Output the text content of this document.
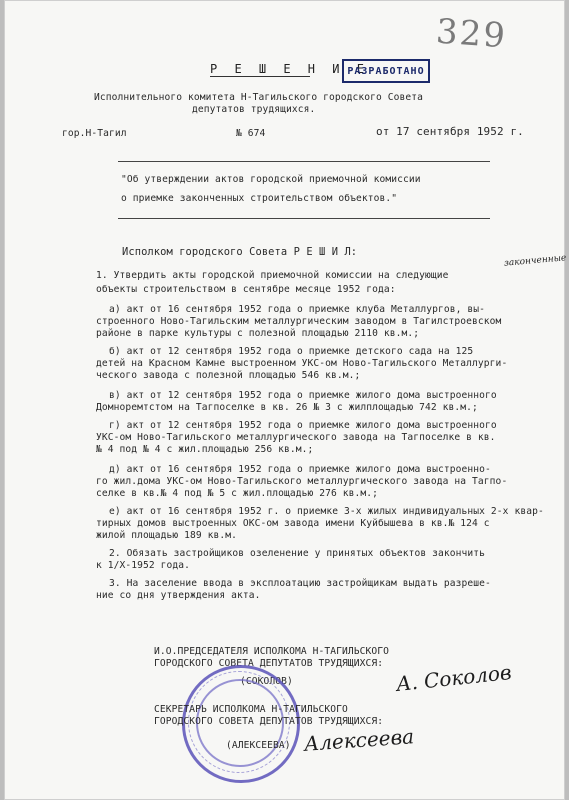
329
Р Е Ш Е Н И Е
РАЗРАБОТАНО
Исполнительного комитета Н-Тагильского городского Совета
депутатов трудящихся.
гор.Н-Тагил	№ 674	от 17 сентября 1952 г.
"Об утверждении актов городской приемочной комиссии
о приемке законченных строительством объектов."
Исполком городского Совета Р Е Ш И Л:
законченные
1. Утвердить акты городской приемочной комиссии на следующие
объекты строительством в сентябре месяце 1952 года:
а) акт от 16 сентября 1952 года о приемке клуба Металлургов, вы-
строенного Ново-Тагильским металлургическим заводом в Тагилстроевском
районе в парке культуры с полезной площадью 2110 кв.м.;
б) акт от 12 сентября 1952 года о приемке детского сада на 125
детей на Красном Камне выстроенном УКС-ом Ново-Тагильского Металлурги-
ческого завода с полезной площадью 546 кв.м.;
в) акт от 12 сентября 1952 года о приемке жилого дома выстроенного
Домноремтстом на Тагпоселке в кв. 26 № 3 с жилплощадью 742 кв.м.;
г) акт от 12 сентября 1952 года о приемке жилого дома выстроенного
УКС-ом Ново-Тагильского металлургического завода на Тагпоселке в кв.
№ 4 под № 4 с жил.площадью 256 кв.м.;
д) акт от 16 сентября 1952 года о приемке жилого дома выстроенно-
го жил.дома УКС-ом Ново-Тагильского металлургического завода на Тагпо-
селке в кв.№ 4 под № 5 с жил.площадью 276 кв.м.;
е) акт от 16 сентября 1952 г. о приемке 3-х жилых индивидуальных 2-х квар-
тирных домов выстроенных ОКС-ом завода имени Куйбышева в кв.№ 124 с
жилой площадью 189 кв.м.
2. Обязать застройщиков озеленение у принятых объектов закончить
к 1/X-1952 года.
3. На заселение ввода в эксплоатацию застройщикам выдать разреше-
ние со дня утверждения акта.
И.О.ПРЕДСЕДАТЕЛЯ ИСПОЛКОМА Н-ТАГИЛЬСКОГО
ГОРОДСКОГО СОВЕТА ДЕПУТАТОВ ТРУДЯЩИХСЯ:
(СОКОЛОВ)	А. Соколов
СЕКРЕТАРЬ ИСПОЛКОМА Н-ТАГИЛЬСКОГО
ГОРОДСКОГО СОВЕТА ДЕПУТАТОВ ТРУДЯЩИХСЯ:
(АЛЕКСЕЕВА) Алексеева
